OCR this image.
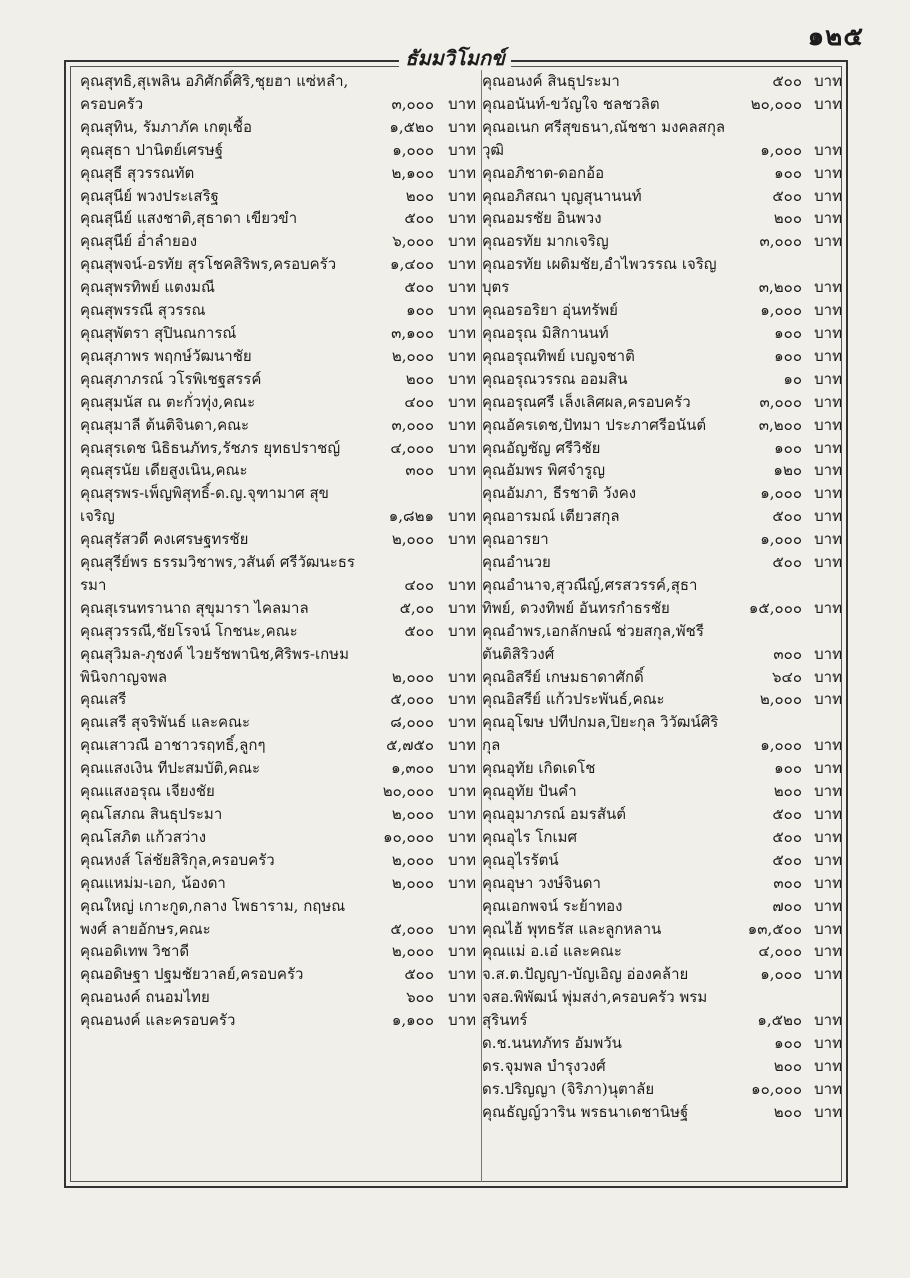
๑๒๕
ธัมมวิโมกข์
คุณสุทธิ,สุเพลิน อภิศักดิ์ศิริ,ชุยฮา แซ่หลำ, ครอบครัว	๓,๐๐๐ บาท
คุณสุทิน, รัมภาภัค เกตุเชื้อ	๑,๕๒๐ บาท
คุณสุธา ปานิตย์เศรษฐ์	๑,๐๐๐ บาท
คุณสุธี สุวรรณทัต	๒,๑๐๐ บาท
คุณสุนีย์ พวงประเสริฐ	๒๐๐ บาท
คุณสุนีย์ แสงชาติ,สุธาดา เขียวขำ	๕๐๐ บาท
คุณสุนีย์ อ่ำลำยอง	๖,๐๐๐ บาท
คุณสุพจน์-อรทัย สุรโชคสิริพร,ครอบครัว	๑,๔๐๐ บาท
คุณสุพรทิพย์ แตงมณี	๕๐๐ บาท
คุณสุพรรณี สุวรรณ	๑๐๐ บาท
คุณสุพัตรา สุปินณการณ์	๓,๑๐๐ บาท
คุณสุภาพร พฤกษ์วัฒนาชัย	๒,๐๐๐ บาท
คุณสุภาภรณ์ วโรพิเชฐสรรค์	๒๐๐ บาท
คุณสุมนัส ณ ตะกั่วทุ่ง,คณะ	๔๐๐ บาท
คุณสุมาลี ต้นติจินดา,คณะ	๓,๐๐๐ บาท
คุณสุรเดช นิธิธนภัทร,รัชภร ยุทธปราชญ์	๔,๐๐๐ บาท
คุณสุรนัย เดียสูงเนิน,คณะ	๓๐๐ บาท
คุณสุรพร-เพ็ญพิสุทธิ์-ด.ญ.จุฑามาศ สุขเจริญ	๑,๘๒๑ บาท
คุณสุรัสวดี คงเศรษฐทรชัย	๒,๐๐๐ บาท
คุณสุรีย์พร ธรรมวิชาพร,วสันต์ ศรีวัฒนะธรรมา	๔๐๐ บาท
คุณสุเรนทรานาถ สุขุมารา ไคลมาล	๕,๐๐ บาท
คุณสุวรรณี,ชัยโรจน์ โกชนะ,คณะ	๕๐๐ บาท
คุณสุวิมล-ภุชงค์ ไวยรัชพานิช,ศิริพร-เกษม พินิจกาญจพล	๒,๐๐๐ บาท
คุณเสรี	๕,๐๐๐ บาท
คุณเสรี สุจริพันธ์ และคณะ	๘,๐๐๐ บาท
คุณเสาวณี อาชาวรฤทธิ์,ลูกๆ	๕,๗๕๐ บาท
คุณแสงเงิน ทีปะสมบัติ,คณะ	๑,๓๐๐ บาท
คุณแสงอรุณ เจียงชัย	๒๐,๐๐๐ บาท
คุณโสภณ สินธุประมา	๒,๐๐๐ บาท
คุณโสภิต แก้วสว่าง	๑๐,๐๐๐ บาท
คุณหงส์ โล่ชัยสิริกุล,ครอบครัว	๒,๐๐๐ บาท
คุณแหม่ม-เอก, น้องดา	๒,๐๐๐ บาท
คุณใหญ่ เกาะกูด,กลาง โพธาราม, กฤษณพงศ์ ลายอักษร,คณะ	๕,๐๐๐ บาท
คุณอดิเทพ วิชาดี	๒,๐๐๐ บาท
คุณอดิษฐา ปฐมชัยวาลย์,ครอบครัว	๕๐๐ บาท
คุณอนงค์ ถนอมไทย	๖๐๐ บาท
คุณอนงค์ และครอบครัว	๑,๑๐๐ บาท
คุณอนงค์ สินธุประมา	๕๐๐ บาท
คุณอนันท์-ขวัญใจ ชลชวลิต	๒๐,๐๐๐ บาท
คุณอเนก ศรีสุขธนา,ณัชชา มงคลสกุลวุฒิ	๑,๐๐๐ บาท
คุณอภิชาต-ดอกอ้อ	๑๐๐ บาท
คุณอภิสณา บุญสุนานนท์	๕๐๐ บาท
คุณอมรชัย อินพวง	๒๐๐ บาท
คุณอรทัย มากเจริญ	๓,๐๐๐ บาท
คุณอรทัย เผดิมชัย,อำไพวรรณ เจริญบุตร	๓,๒๐๐ บาท
คุณอรอริยา อุ่นทรัพย์	๑,๐๐๐ บาท
คุณอรุณ มิสิกานนท์	๑๐๐ บาท
คุณอรุณทิพย์ เบญจชาติ	๑๐๐ บาท
คุณอรุณวรรณ ออมสิน	๑๐ บาท
คุณอรุณศรี เล็งเลิศผล,ครอบครัว	๓,๐๐๐ บาท
คุณอัครเดช,ปัทมา ประภาศรีอนันต์	๓,๒๐๐ บาท
คุณอัญชัญ ศรีวิชัย	๑๐๐ บาท
คุณอัมพร พิศจำรูญ	๑๒๐ บาท
คุณอัมภา, ธีรชาติ วังคง	๑,๐๐๐ บาท
คุณอารมณ์ เตียวสกุล	๕๐๐ บาท
คุณอารยา	๑,๐๐๐ บาท
คุณอำนวย	๕๐๐ บาท
คุณอำนาจ,สุวณีญ์,ศรสวรรค์,สุธาทิพย์, ดวงทิพย์ อันทรกำธรชัย	๑๕,๐๐๐ บาท
คุณอำพร,เอกลักษณ์ ช่วยสกุล,พัชรี ตันติสิริวงศ์	๓๐๐ บาท
คุณอิสรีย์ เกษมธาดาศักดิ์	๖๔๐ บาท
คุณอิสรีย์ แก้วประพันธ์,คณะ	๒,๐๐๐ บาท
คุณอุโฆษ ปทีปกมล,ปิยะกุล วิวัฒน์ศิริกุล	๑,๐๐๐ บาท
คุณอุทัย เกิดเดโช	๑๐๐ บาท
คุณอุทัย ปันคำ	๒๐๐ บาท
คุณอุมาภรณ์ อมรสันต์	๕๐๐ บาท
คุณอุไร โกเมศ	๕๐๐ บาท
คุณอุไรรัตน์	๕๐๐ บาท
คุณอุษา วงษ์จินดา	๓๐๐ บาท
คุณเอกพจน์ ระย้าทอง	๗๐๐ บาท
คุณไฮ้ พุทธรัส และลูกหลาน	๑๓,๕๐๐ บาท
คุณแม่ อ.เอ๋ และคณะ	๔,๐๐๐ บาท
จ.ส.ต.ปัญญา-บัญเอิญ อ่องคล้าย	๑,๐๐๐ บาท
จสอ.พิพัฒน์ พุ่มสง่า,ครอบครัว พรมสุรินทร์	๑,๕๒๐ บาท
ด.ช.นนทภัทร อัมพวัน	๑๐๐ บาท
ดร.จุมพล บำรุงวงศ์	๒๐๐ บาท
ดร.ปริญญา (จิริภา)นุตาลัย	๑๐,๐๐๐ บาท
คุณธัญญ์วาริน พรธนาเดชานิษฐ์	๒๐๐ บาท
